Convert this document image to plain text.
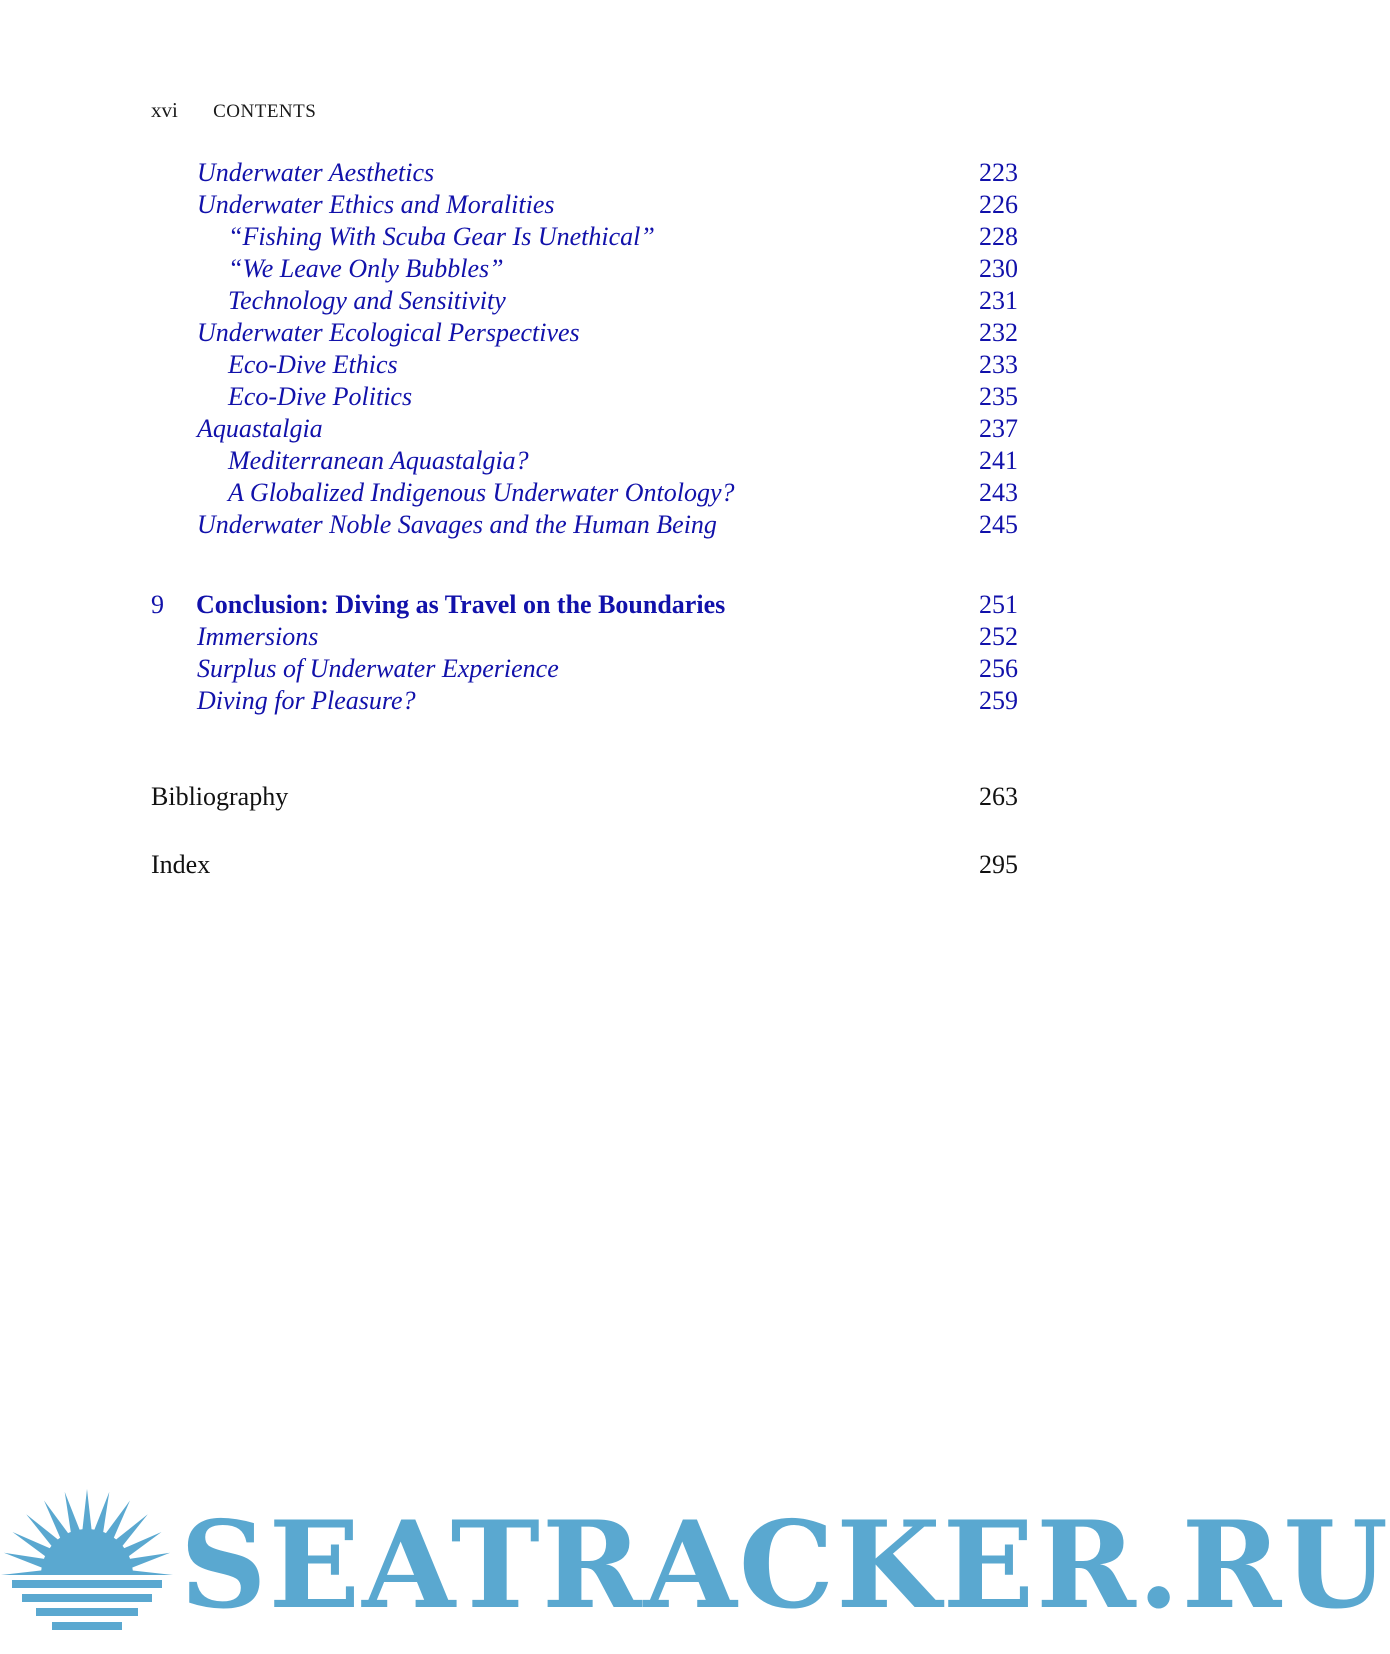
xvi CONTENTS
Underwater Aesthetics	223
Underwater Ethics and Moralities	226
“Fishing With Scuba Gear Is Unethical”	228
“We Leave Only Bubbles”	230
Technology and Sensitivity	231
Underwater Ecological Perspectives	232
Eco-Dive Ethics	233
Eco-Dive Politics	235
Aquastalgia	237
Mediterranean Aquastalgia?	241
A Globalized Indigenous Underwater Ontology?	243
Underwater Noble Savages and the Human Being	245
9 Conclusion: Diving as Travel on the Boundaries	251
Immersions	252
Surplus of Underwater Experience	256
Diving for Pleasure?	259
Bibliography	263
Index	295
SEATRACKER.RU
